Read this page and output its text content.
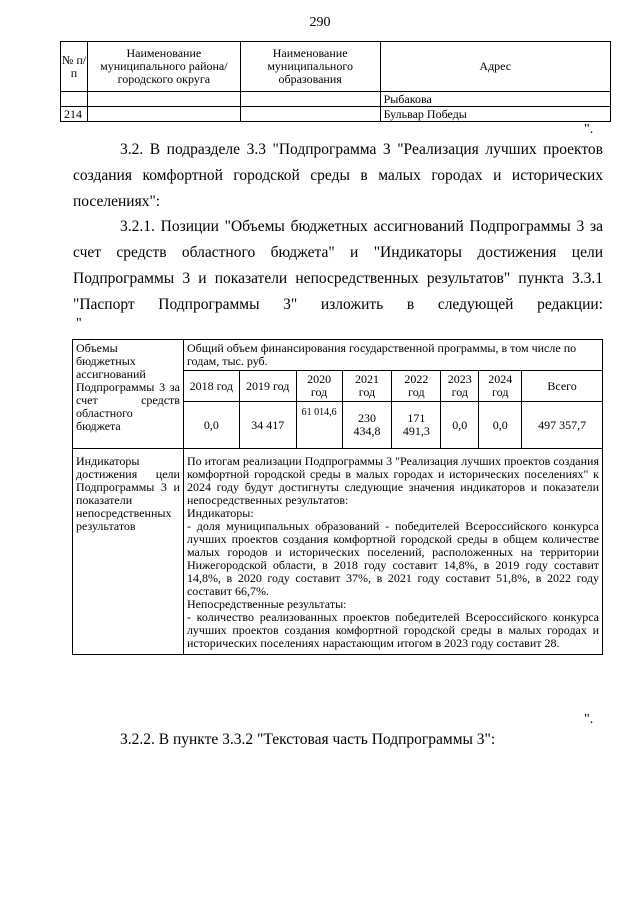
290
№ п/п	Наименование муниципального района/ городского округа	Наименование муниципального образования	Адрес
			Рыбакова
214			Бульвар Победы
".
3.2. В подразделе 3.3 "Подпрограмма 3 "Реализация лучших проектов создания комфортной городской среды в малых городах и исторических поселениях":
3.2.1. Позиции "Объемы бюджетных ассигнований Подпрограммы 3 за счет средств областного бюджета" и "Индикаторы достижения цели Подпрограммы 3 и показатели непосредственных результатов" пункта 3.3.1 "Паспорт Подпрограммы 3" изложить в следующей редакции:
"
Объемы бюджетных ассигнований Подпрограммы 3 за счет средств областного бюджета	Общий объем финансирования государственной программы, в том числе по годам, тыс. руб.							
	2018 год	2019 год	2020 год	2021 год	2022 год	2023 год	2024 год	Всего
	0,0	34 417	61 014,6	230 434,8	171 491,3	0,0	0,0	497 357,7
Индикаторы достижения цели Подпрограммы 3 и показатели непосредственных результатов	По итогам реализации Подпрограммы 3 "Реализация лучших проектов создания комфортной городской среды в малых городах и исторических поселениях" к 2024 году будут достигнуты следующие значения индикаторов и показатели непосредственных результатов:
Индикаторы:
- доля муниципальных образований - победителей Всероссийского конкурса лучших проектов создания комфортной городской среды в общем количестве малых городов и исторических поселений, расположенных на территории Нижегородской области, в 2018 году составит 14,8%, в 2019 году составит 14,8%, в 2020 году составит 37%, в 2021 году составит 51,8%, в 2022 году составит 66,7%.
Непосредственные результаты:
- количество реализованных проектов победителей Всероссийского конкурса лучших проектов создания комфортной городской среды в малых городах и исторических поселениях нарастающим итогом в 2023 году составит 28.							
".
3.2.2. В пункте 3.3.2 "Текстовая часть Подпрограммы 3":
